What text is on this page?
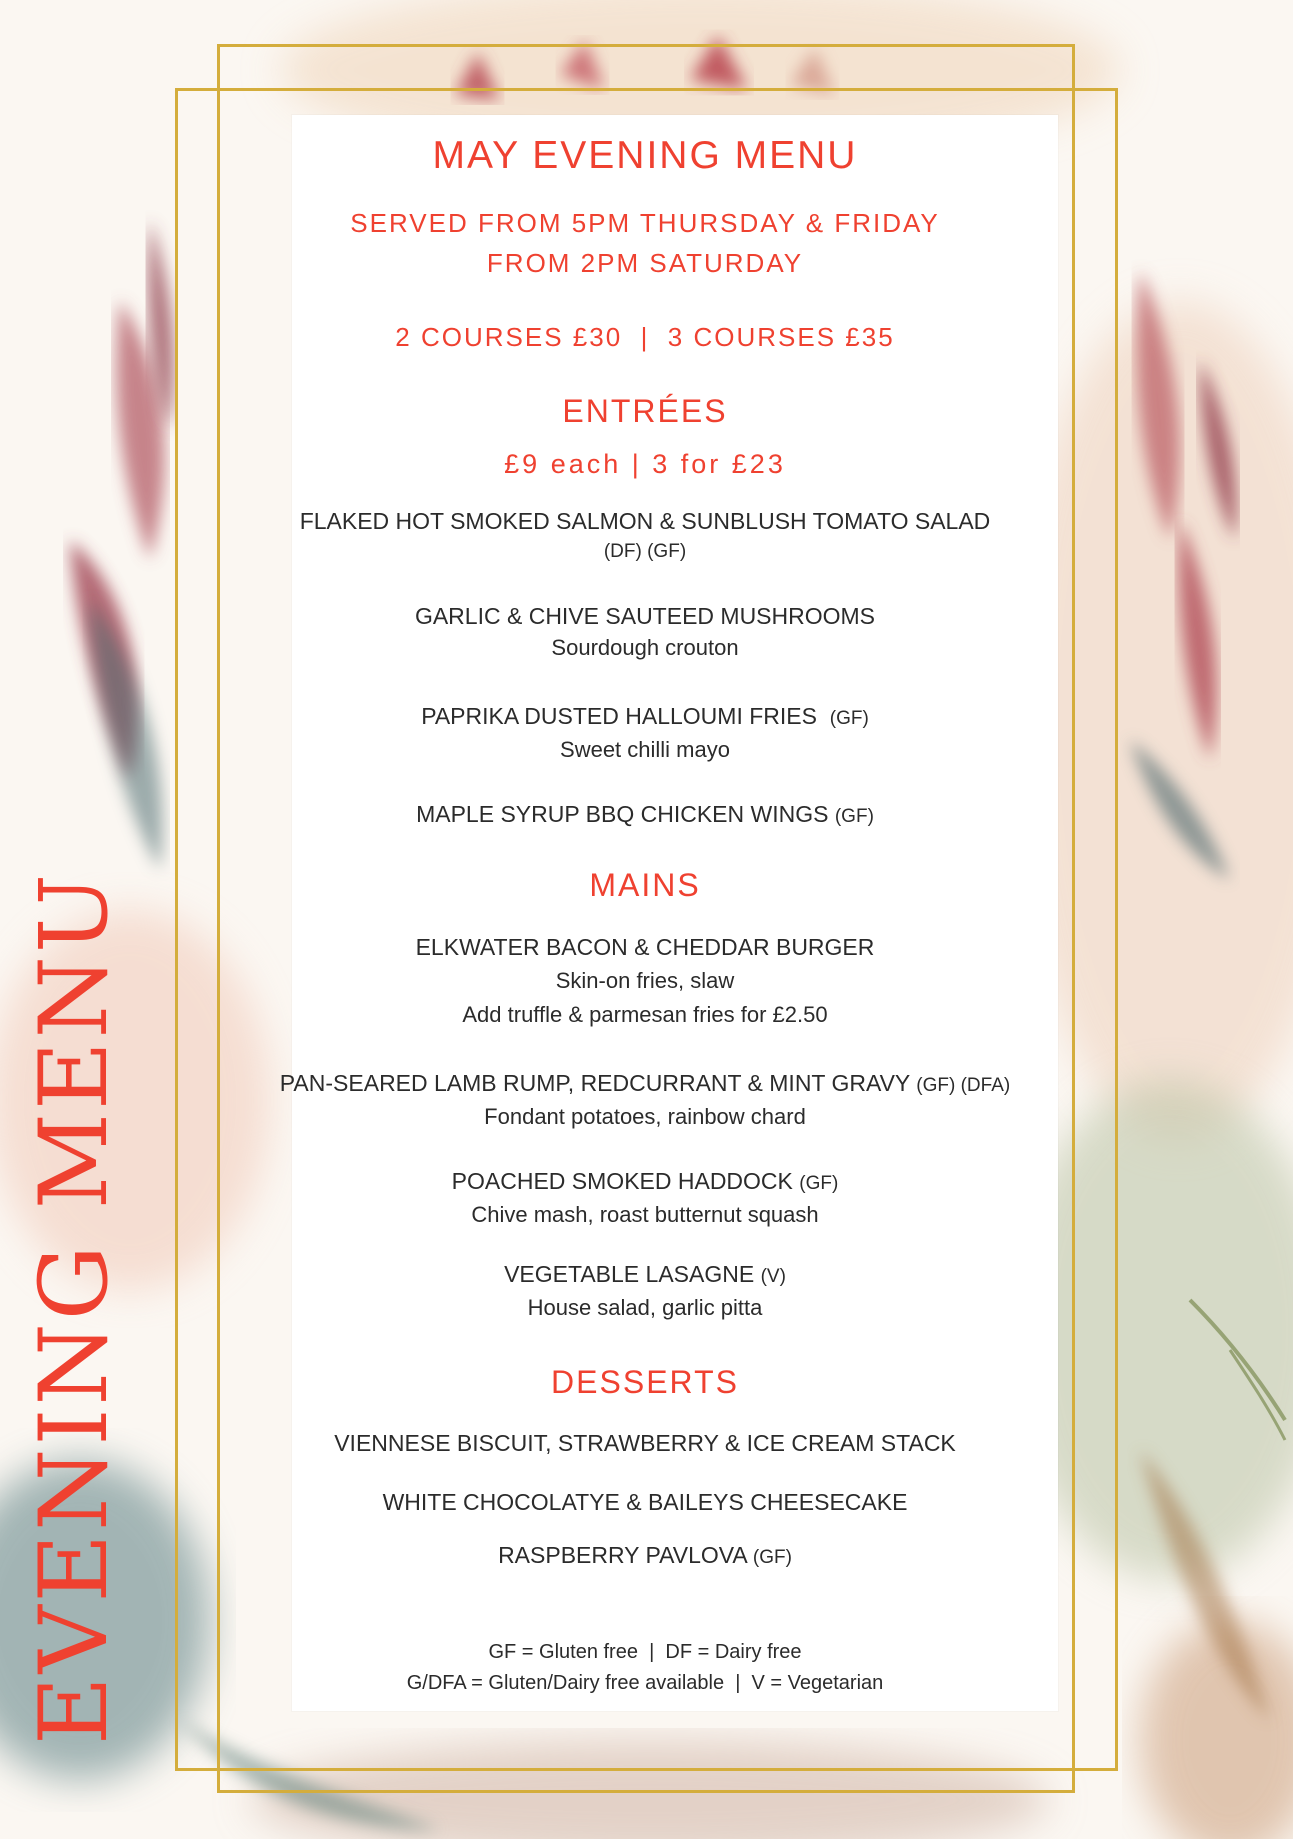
EVENING MENU
MAY EVENING MENU
SERVED FROM 5PM THURSDAY & FRIDAY
FROM 2PM SATURDAY
2 COURSES £30  |  3 COURSES £35
ENTRÉES
£9 each | 3 for £23
FLAKED HOT SMOKED SALMON & SUNBLUSH TOMATO SALAD
(DF) (GF)
GARLIC & CHIVE SAUTEED MUSHROOMS
Sourdough crouton
PAPRIKA DUSTED HALLOUMI FRIES (GF)
Sweet chilli mayo
MAPLE SYRUP BBQ CHICKEN WINGS (GF)
MAINS
ELKWATER BACON & CHEDDAR BURGER
Skin-on fries, slaw
Add truffle & parmesan fries for £2.50
PAN-SEARED LAMB RUMP, REDCURRANT & MINT GRAVY (GF) (DFA)
Fondant potatoes, rainbow chard
POACHED SMOKED HADDOCK (GF)
Chive mash, roast butternut squash
VEGETABLE LASAGNE (V)
House salad, garlic pitta
DESSERTS
VIENNESE BISCUIT, STRAWBERRY & ICE CREAM STACK
WHITE CHOCOLATYE & BAILEYS CHEESECAKE
RASPBERRY PAVLOVA (GF)
GF = Gluten free  |  DF = Dairy free
G/DFA = Gluten/Dairy free available  |  V = Vegetarian
